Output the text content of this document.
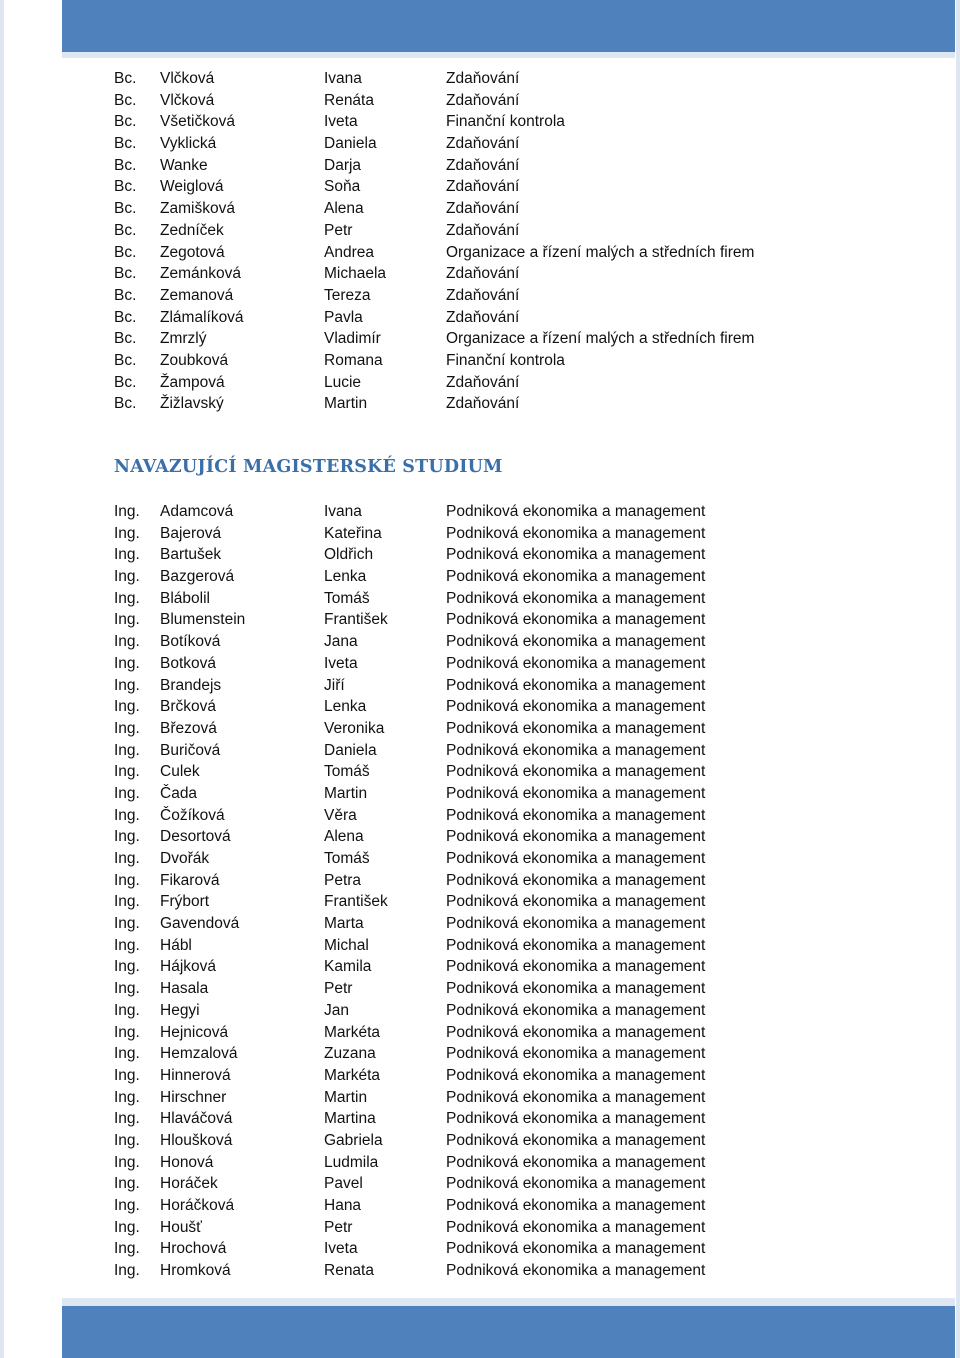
Bc.	Vlčková	Ivana	Zdaňování
Bc.	Vlčková	Renáta	Zdaňování
Bc.	Všetičková	Iveta	Finanční kontrola
Bc.	Vyklická	Daniela	Zdaňování
Bc.	Wanke	Darja	Zdaňování
Bc.	Weiglová	Soňa	Zdaňování
Bc.	Zamišková	Alena	Zdaňování
Bc.	Zedníček	Petr	Zdaňování
Bc.	Zegotová	Andrea	Organizace a řízení malých a středních firem
Bc.	Zemánková	Michaela	Zdaňování
Bc.	Zemanová	Tereza	Zdaňování
Bc.	Zlámalíková	Pavla	Zdaňování
Bc.	Zmrzlý	Vladimír	Organizace a řízení malých a středních firem
Bc.	Zoubková	Romana	Finanční kontrola
Bc.	Žampová	Lucie	Zdaňování
Bc.	Žižlavský	Martin	Zdaňování
NAVAZUJÍCÍ MAGISTERSKÉ STUDIUM
Ing.	Adamcová	Ivana	Podniková ekonomika a management
Ing.	Bajerová	Kateřina	Podniková ekonomika a management
Ing.	Bartušek	Oldřich	Podniková ekonomika a management
Ing.	Bazgerová	Lenka	Podniková ekonomika a management
Ing.	Blábolil	Tomáš	Podniková ekonomika a management
Ing.	Blumenstein	František	Podniková ekonomika a management
Ing.	Botíková	Jana	Podniková ekonomika a management
Ing.	Botková	Iveta	Podniková ekonomika a management
Ing.	Brandejs	Jiří	Podniková ekonomika a management
Ing.	Brčková	Lenka	Podniková ekonomika a management
Ing.	Březová	Veronika	Podniková ekonomika a management
Ing.	Buričová	Daniela	Podniková ekonomika a management
Ing.	Culek	Tomáš	Podniková ekonomika a management
Ing.	Čada	Martin	Podniková ekonomika a management
Ing.	Čožíková	Věra	Podniková ekonomika a management
Ing.	Desortová	Alena	Podniková ekonomika a management
Ing.	Dvořák	Tomáš	Podniková ekonomika a management
Ing.	Fikarová	Petra	Podniková ekonomika a management
Ing.	Frýbort	František	Podniková ekonomika a management
Ing.	Gavendová	Marta	Podniková ekonomika a management
Ing.	Hábl	Michal	Podniková ekonomika a management
Ing.	Hájková	Kamila	Podniková ekonomika a management
Ing.	Hasala	Petr	Podniková ekonomika a management
Ing.	Hegyi	Jan	Podniková ekonomika a management
Ing.	Hejnicová	Markéta	Podniková ekonomika a management
Ing.	Hemzalová	Zuzana	Podniková ekonomika a management
Ing.	Hinnerová	Markéta	Podniková ekonomika a management
Ing.	Hirschner	Martin	Podniková ekonomika a management
Ing.	Hlaváčová	Martina	Podniková ekonomika a management
Ing.	Hloušková	Gabriela	Podniková ekonomika a management
Ing.	Honová	Ludmila	Podniková ekonomika a management
Ing.	Horáček	Pavel	Podniková ekonomika a management
Ing.	Horáčková	Hana	Podniková ekonomika a management
Ing.	Houšť	Petr	Podniková ekonomika a management
Ing.	Hrochová	Iveta	Podniková ekonomika a management
Ing.	Hromková	Renata	Podniková ekonomika a management
